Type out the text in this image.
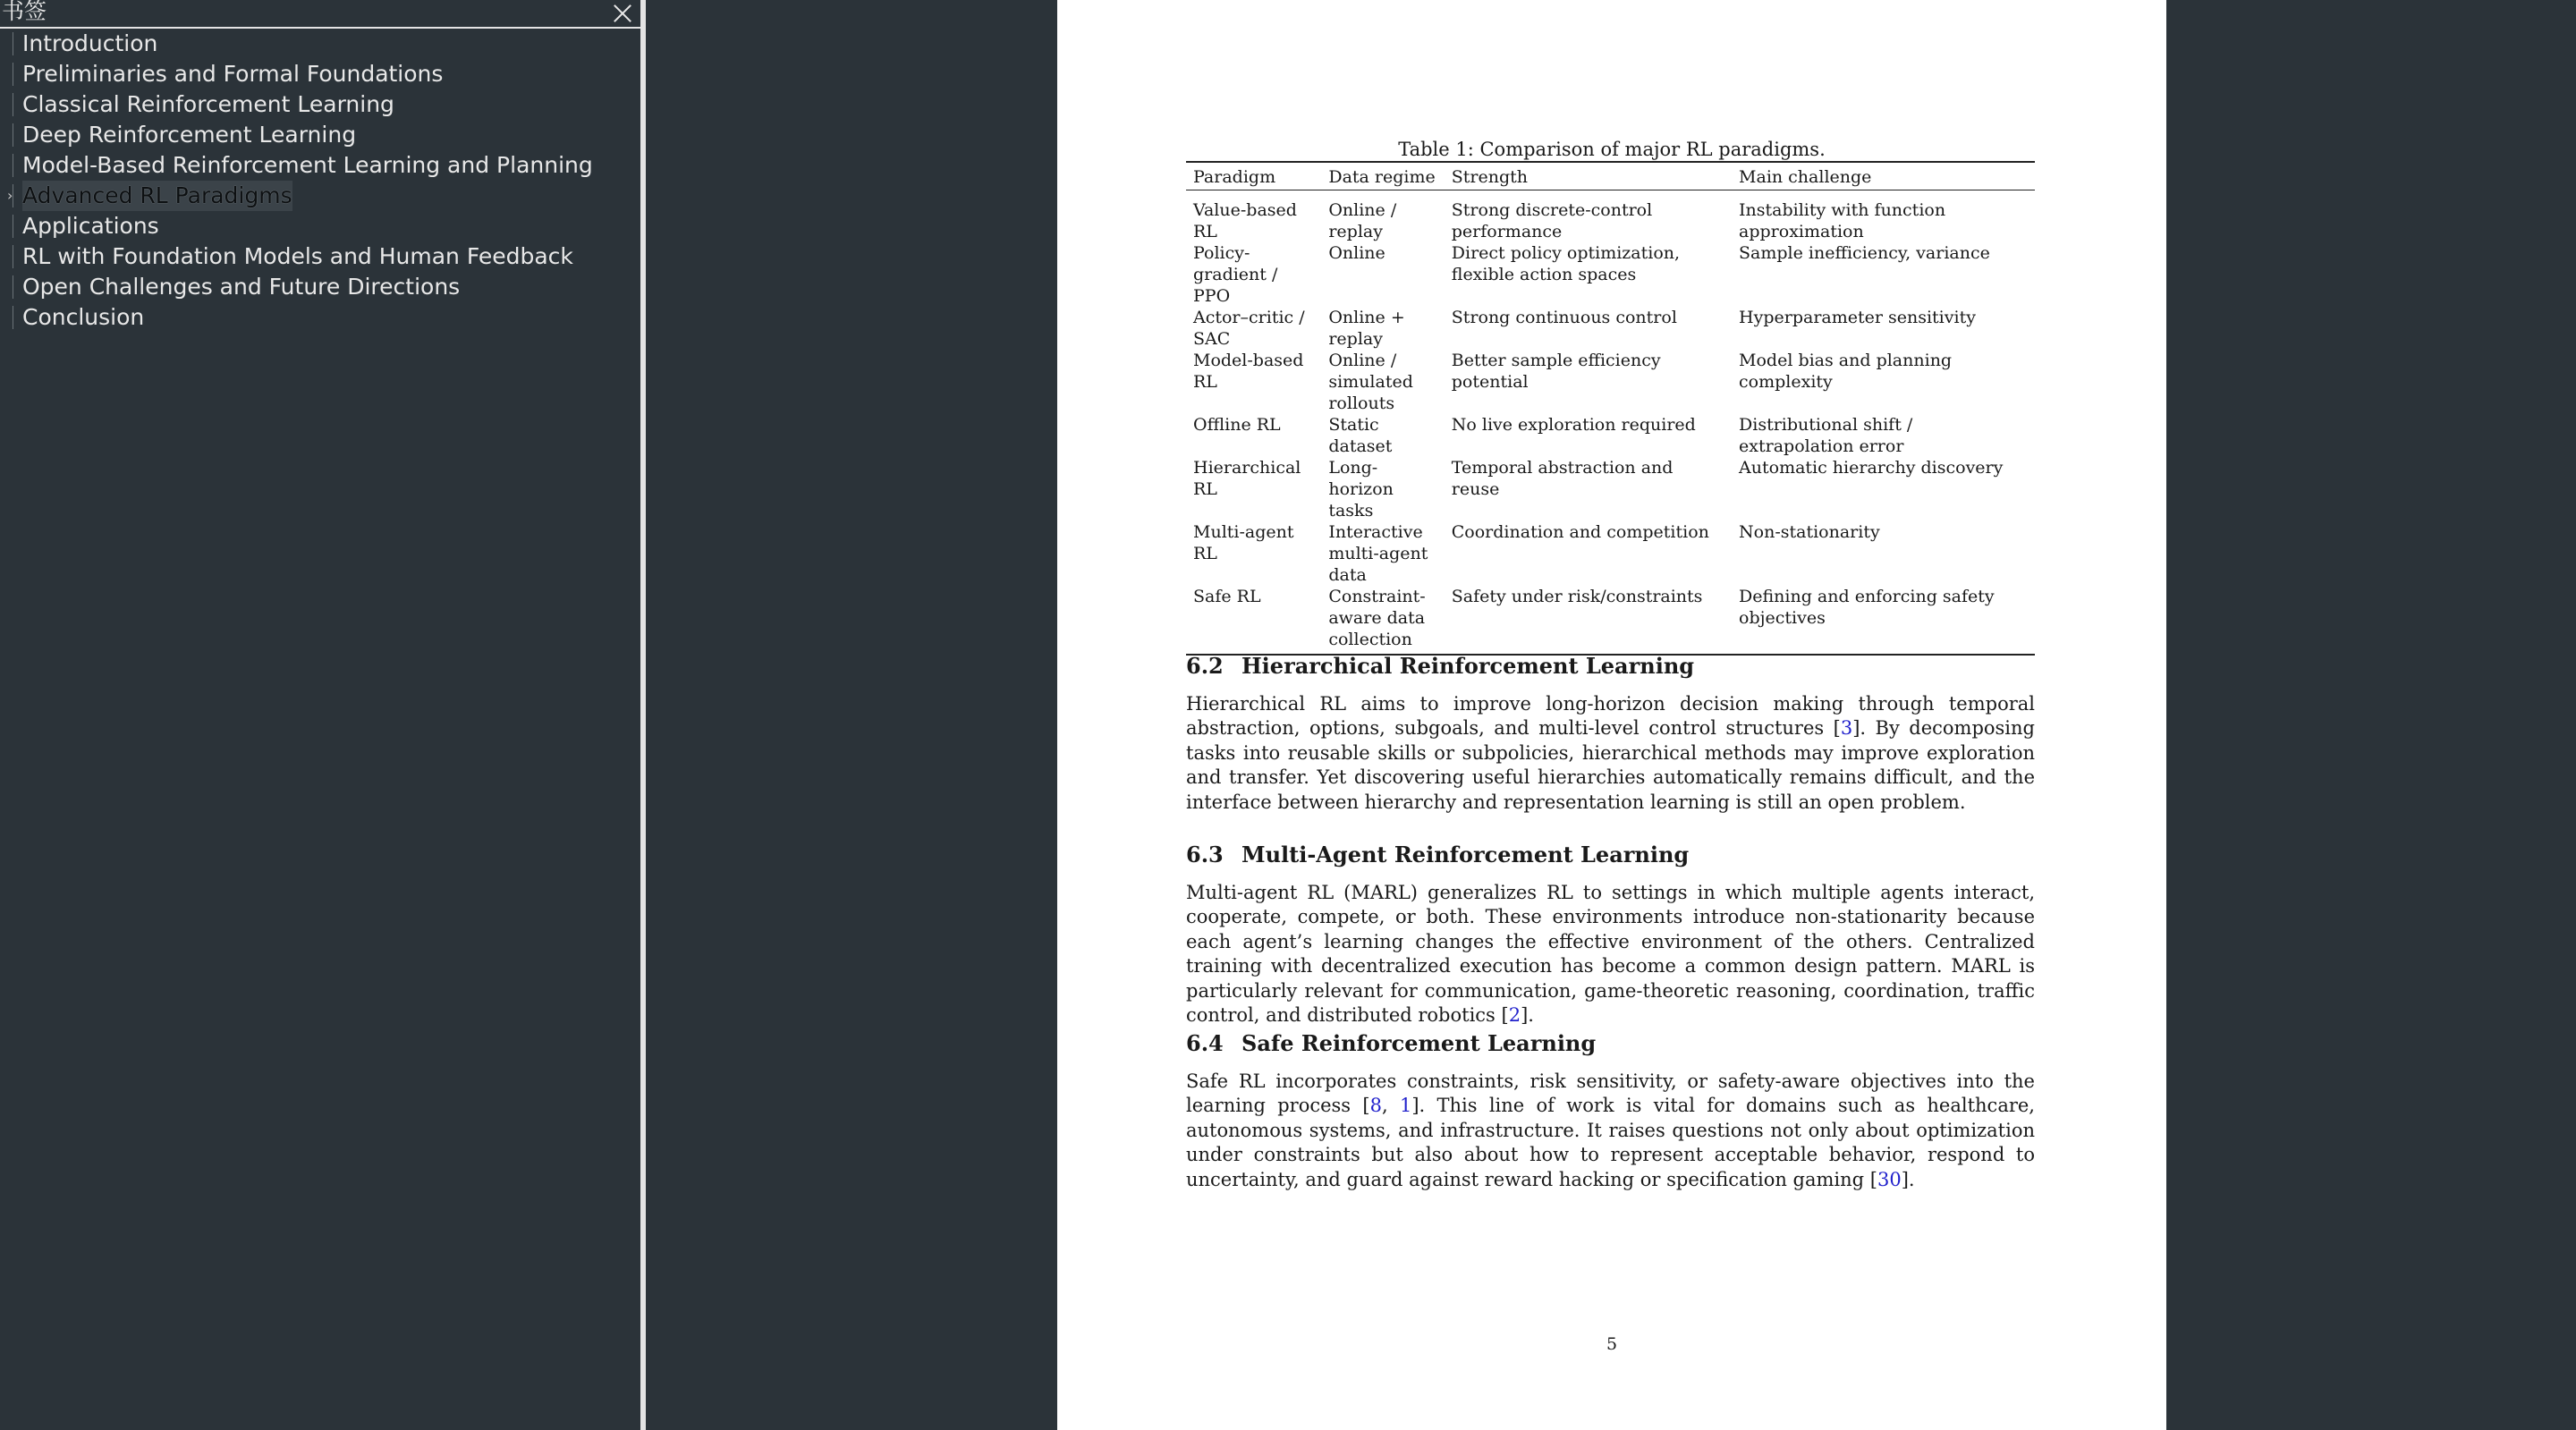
书签
Introduction
Preliminaries and Formal Foundations
Classical Reinforcement Learning
Deep Reinforcement Learning
Model-Based Reinforcement Learning and Planning
› Advanced RL Paradigms
Applications
RL with Foundation Models and Human Feedback
Open Challenges and Future Directions
Conclusion
Table 1: Comparison of major RL paradigms.
Paradigm	Data regime	Strength	Main challenge
Value-based RL	Online / replay	Strong discrete-control performance	Instability with function approximation
Policy-gradient / PPO	Online	Direct policy optimization, flexible action spaces	Sample inefficiency, variance
Actor–critic / SAC	Online + replay	Strong continuous control	Hyperparameter sensitivity
Model-based RL	Online / simulated rollouts	Better sample efficiency potential	Model bias and planning complexity
Offline RL	Static dataset	No live exploration required	Distributional shift / extrapolation error
Hierarchical RL	Long-horizon tasks	Temporal abstraction and reuse	Automatic hierarchy discovery
Multi-agent RL	Interactive multi-agent data	Coordination and competition	Non-stationarity
Safe RL	Constraint-aware data collection	Safety under risk/constraints	Defining and enforcing safety objectives
6.2 Hierarchical Reinforcement Learning

Hierarchical RL aims to improve long-horizon decision making through temporal abstraction, options, subgoals, and multi-level control structures [3]. By decomposing tasks into reusable skills or subpolicies, hierarchical methods may improve exploration and transfer. Yet discovering useful hierarchies automatically remains difficult, and the interface between hierarchy and representation learning is still an open problem.

6.3 Multi-Agent Reinforcement Learning

Multi-agent RL (MARL) generalizes RL to settings in which multiple agents interact, cooperate, compete, or both. These environments introduce non-stationarity because each agent’s learning changes the effective environment of the others. Centralized training with decentralized execution has become a common design pattern. MARL is particularly relevant for communication, game-theoretic reasoning, coordination, traffic control, and distributed robotics [2].

6.4 Safe Reinforcement Learning

Safe RL incorporates constraints, risk sensitivity, or safety-aware objectives into the learning process [8, 1]. This line of work is vital for domains such as healthcare, autonomous systems, and infrastructure. It raises questions not only about optimization under constraints but also about how to represent acceptable behavior, respond to uncertainty, and guard against reward hacking or specification gaming [30].

5
